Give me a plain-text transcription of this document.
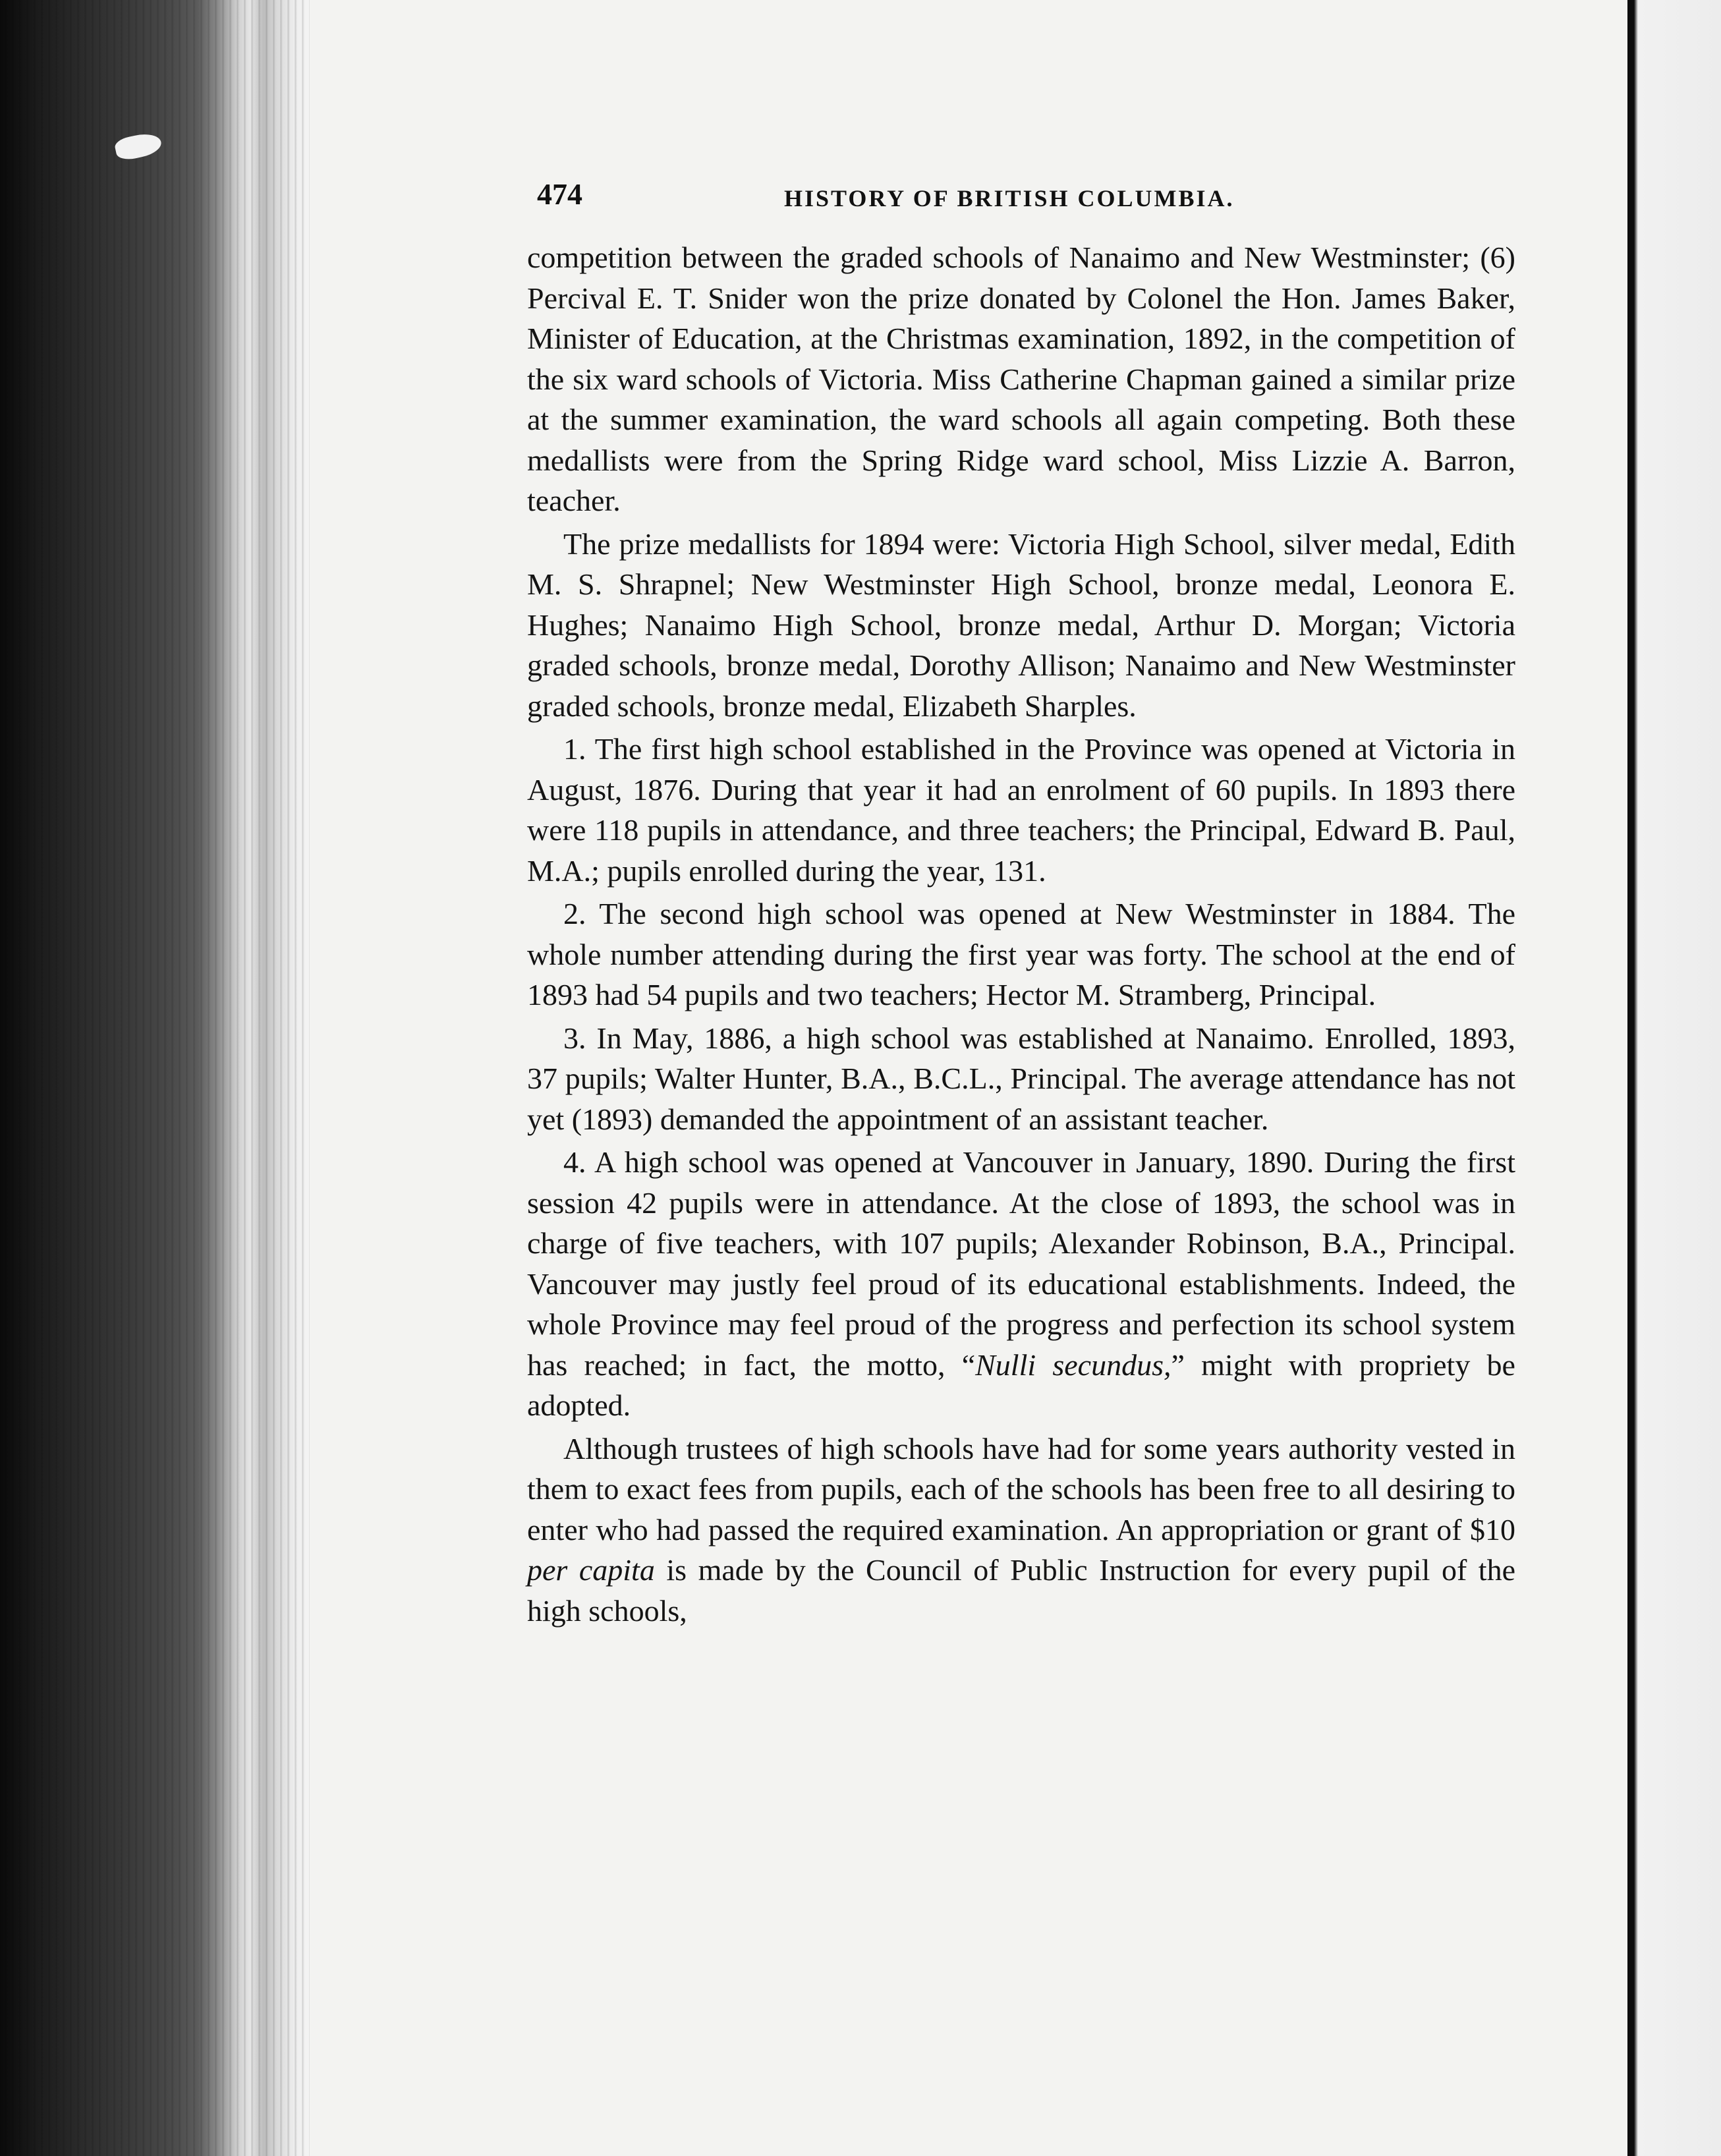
474	HISTORY OF BRITISH COLUMBIA.

competition between the graded schools of Nanaimo and New Westminster; (6) Percival E. T. Snider won the prize donated by Colonel the Hon. James Baker, Minister of Education, at the Christmas examination, 1892, in the competition of the six ward schools of Victoria. Miss Catherine Chapman gained a similar prize at the summer examination, the ward schools all again competing. Both these medallists were from the Spring Ridge ward school, Miss Lizzie A. Barron, teacher.

The prize medallists for 1894 were: Victoria High School, silver medal, Edith M. S. Shrapnel; New Westminster High School, bronze medal, Leonora E. Hughes; Nanaimo High School, bronze medal, Arthur D. Morgan; Victoria graded schools, bronze medal, Dorothy Allison; Nanaimo and New Westminster graded schools, bronze medal, Elizabeth Sharples.

1. The first high school established in the Province was opened at Victoria in August, 1876. During that year it had an enrolment of 60 pupils. In 1893 there were 118 pupils in attendance, and three teachers; the Principal, Edward B. Paul, M.A.; pupils enrolled during the year, 131.

2. The second high school was opened at New Westminster in 1884. The whole number attending during the first year was forty. The school at the end of 1893 had 54 pupils and two teachers; Hector M. Stramberg, Principal.

3. In May, 1886, a high school was established at Nanaimo. Enrolled, 1893, 37 pupils; Walter Hunter, B.A., B.C.L., Principal. The average attendance has not yet (1893) demanded the appointment of an assistant teacher.

4. A high school was opened at Vancouver in January, 1890. During the first session 42 pupils were in attendance. At the close of 1893, the school was in charge of five teachers, with 107 pupils; Alexander Robinson, B.A., Principal. Vancouver may justly feel proud of its educational establishments. Indeed, the whole Province may feel proud of the progress and perfection its school system has reached; in fact, the motto, “Nulli secundus,” might with propriety be adopted.

Although trustees of high schools have had for some years authority vested in them to exact fees from pupils, each of the schools has been free to all desiring to enter who had passed the required examination. An appropriation or grant of $10 per capita is made by the Council of Public Instruction for every pupil of the high schools,
